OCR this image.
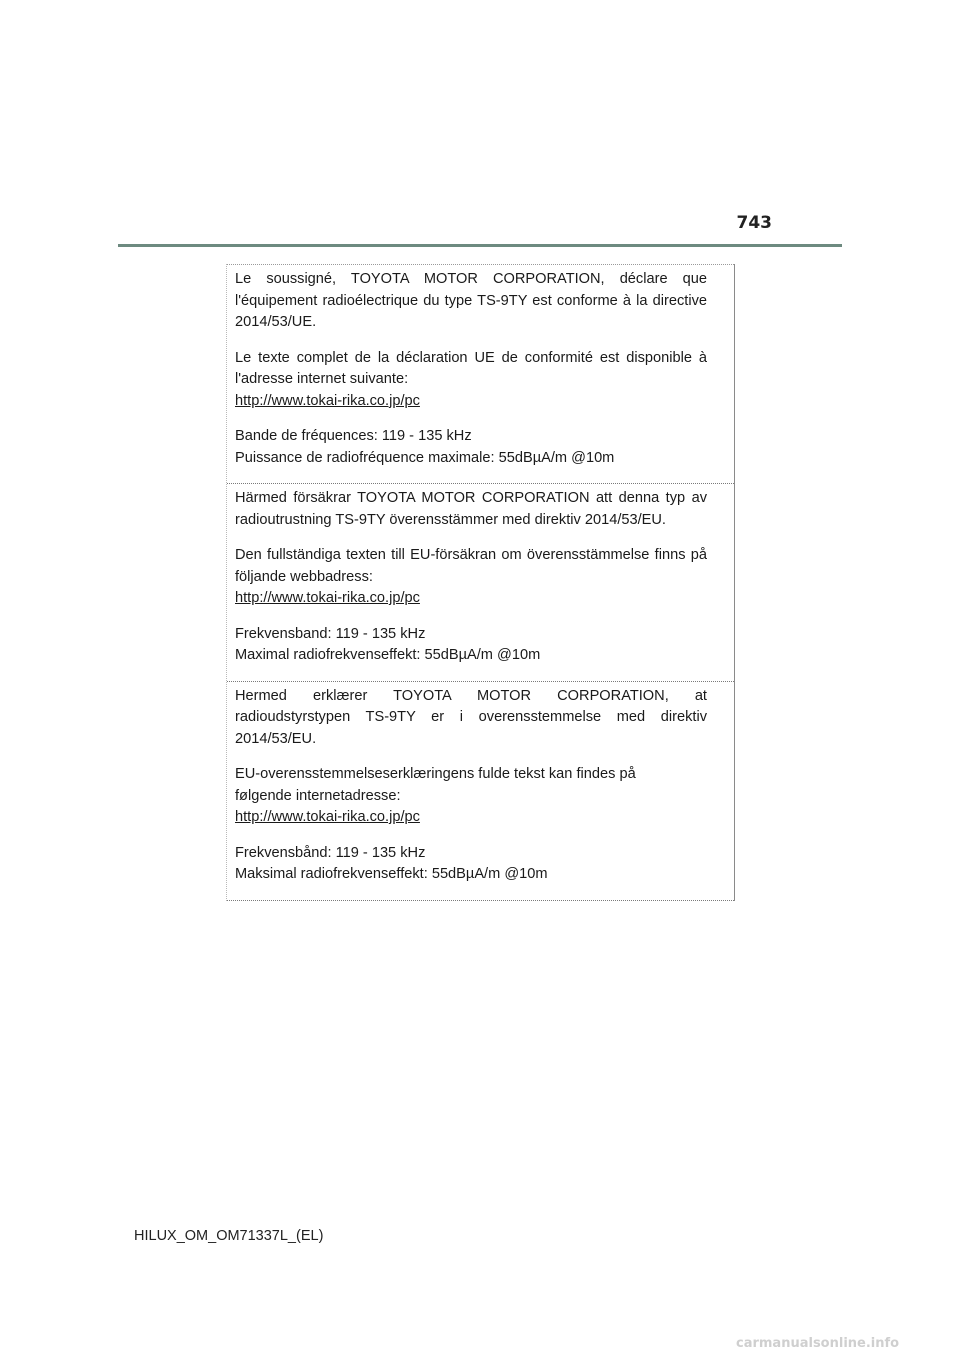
743

Le soussigné, TOYOTA MOTOR CORPORATION, déclare que l'équipement radioélectrique du type TS-9TY est conforme à la directive 2014/53/UE.

Le texte complet de la déclaration UE de conformité est disponible à l'adresse internet suivante:
http://www.tokai-rika.co.jp/pc

Bande de fréquences: 119 - 135 kHz
Puissance de radiofréquence maximale: 55dBµA/m @10m

Härmed försäkrar TOYOTA MOTOR CORPORATION att denna typ av radioutrustning TS-9TY överensstämmer med direktiv 2014/53/EU.

Den fullständiga texten till EU-försäkran om överensstämmelse finns på följande webbadress:
http://www.tokai-rika.co.jp/pc

Frekvensband: 119 - 135 kHz
Maximal radiofrekvenseffekt: 55dBµA/m @10m

Hermed erklærer TOYOTA MOTOR CORPORATION, at radioudstyrstypen TS-9TY er i overensstemmelse med direktiv 2014/53/EU.

EU-overensstemmelseserklæringens fulde tekst kan findes på
følgende internetadresse:
http://www.tokai-rika.co.jp/pc

Frekvensbånd: 119 - 135 kHz
Maksimal radiofrekvenseffekt: 55dBµA/m @10m

HILUX_OM_OM71337L_(EL)
carmanualsonline.info
